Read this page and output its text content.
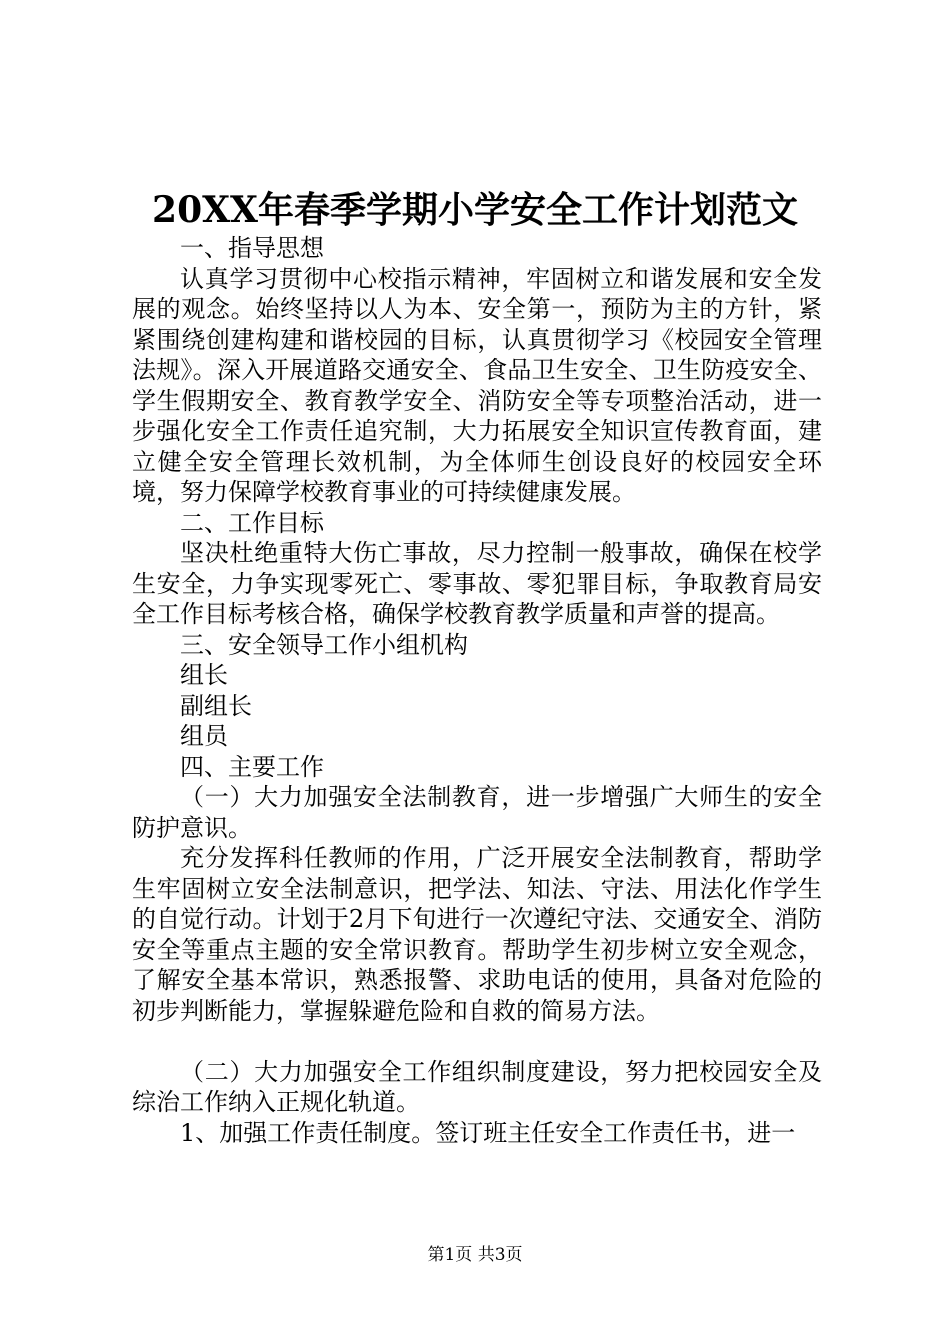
20XX年春季学期小学安全工作计划范文

一、指导思想

认真学习贯彻中心校指示精神，牢固树立和谐发展和安全发展的观念。始终坚持以人为本、安全第一，预防为主的方针，紧紧围绕创建构建和谐校园的目标，认真贯彻学习《校园安全管理法规》。深入开展道路交通安全、食品卫生安全、卫生防疫安全、学生假期安全、教育教学安全、消防安全等专项整治活动，进一步强化安全工作责任追究制，大力拓展安全知识宣传教育面，建立健全安全管理长效机制，为全体师生创设良好的校园安全环境，努力保障学校教育事业的可持续健康发展。

二、工作目标

坚决杜绝重特大伤亡事故，尽力控制一般事故，确保在校学生安全，力争实现零死亡、零事故、零犯罪目标，争取教育局安全工作目标考核合格，确保学校教育教学质量和声誉的提高。

三、安全领导工作小组机构

组长

副组长

组员

四、主要工作

（一）大力加强安全法制教育，进一步增强广大师生的安全防护意识。

充分发挥科任教师的作用，广泛开展安全法制教育，帮助学生牢固树立安全法制意识，把学法、知法、守法、用法化作学生的自觉行动。计划于2月下旬进行一次遵纪守法、交通安全、消防安全等重点主题的安全常识教育。帮助学生初步树立安全观念，了解安全基本常识，熟悉报警、求助电话的使用，具备对危险的初步判断能力，掌握躲避危险和自救的简易方法。

（二）大力加强安全工作组织制度建设，努力把校园安全及综治工作纳入正规化轨道。

1、加强工作责任制度。签订班主任安全工作责任书，进一

第1页 共3页
